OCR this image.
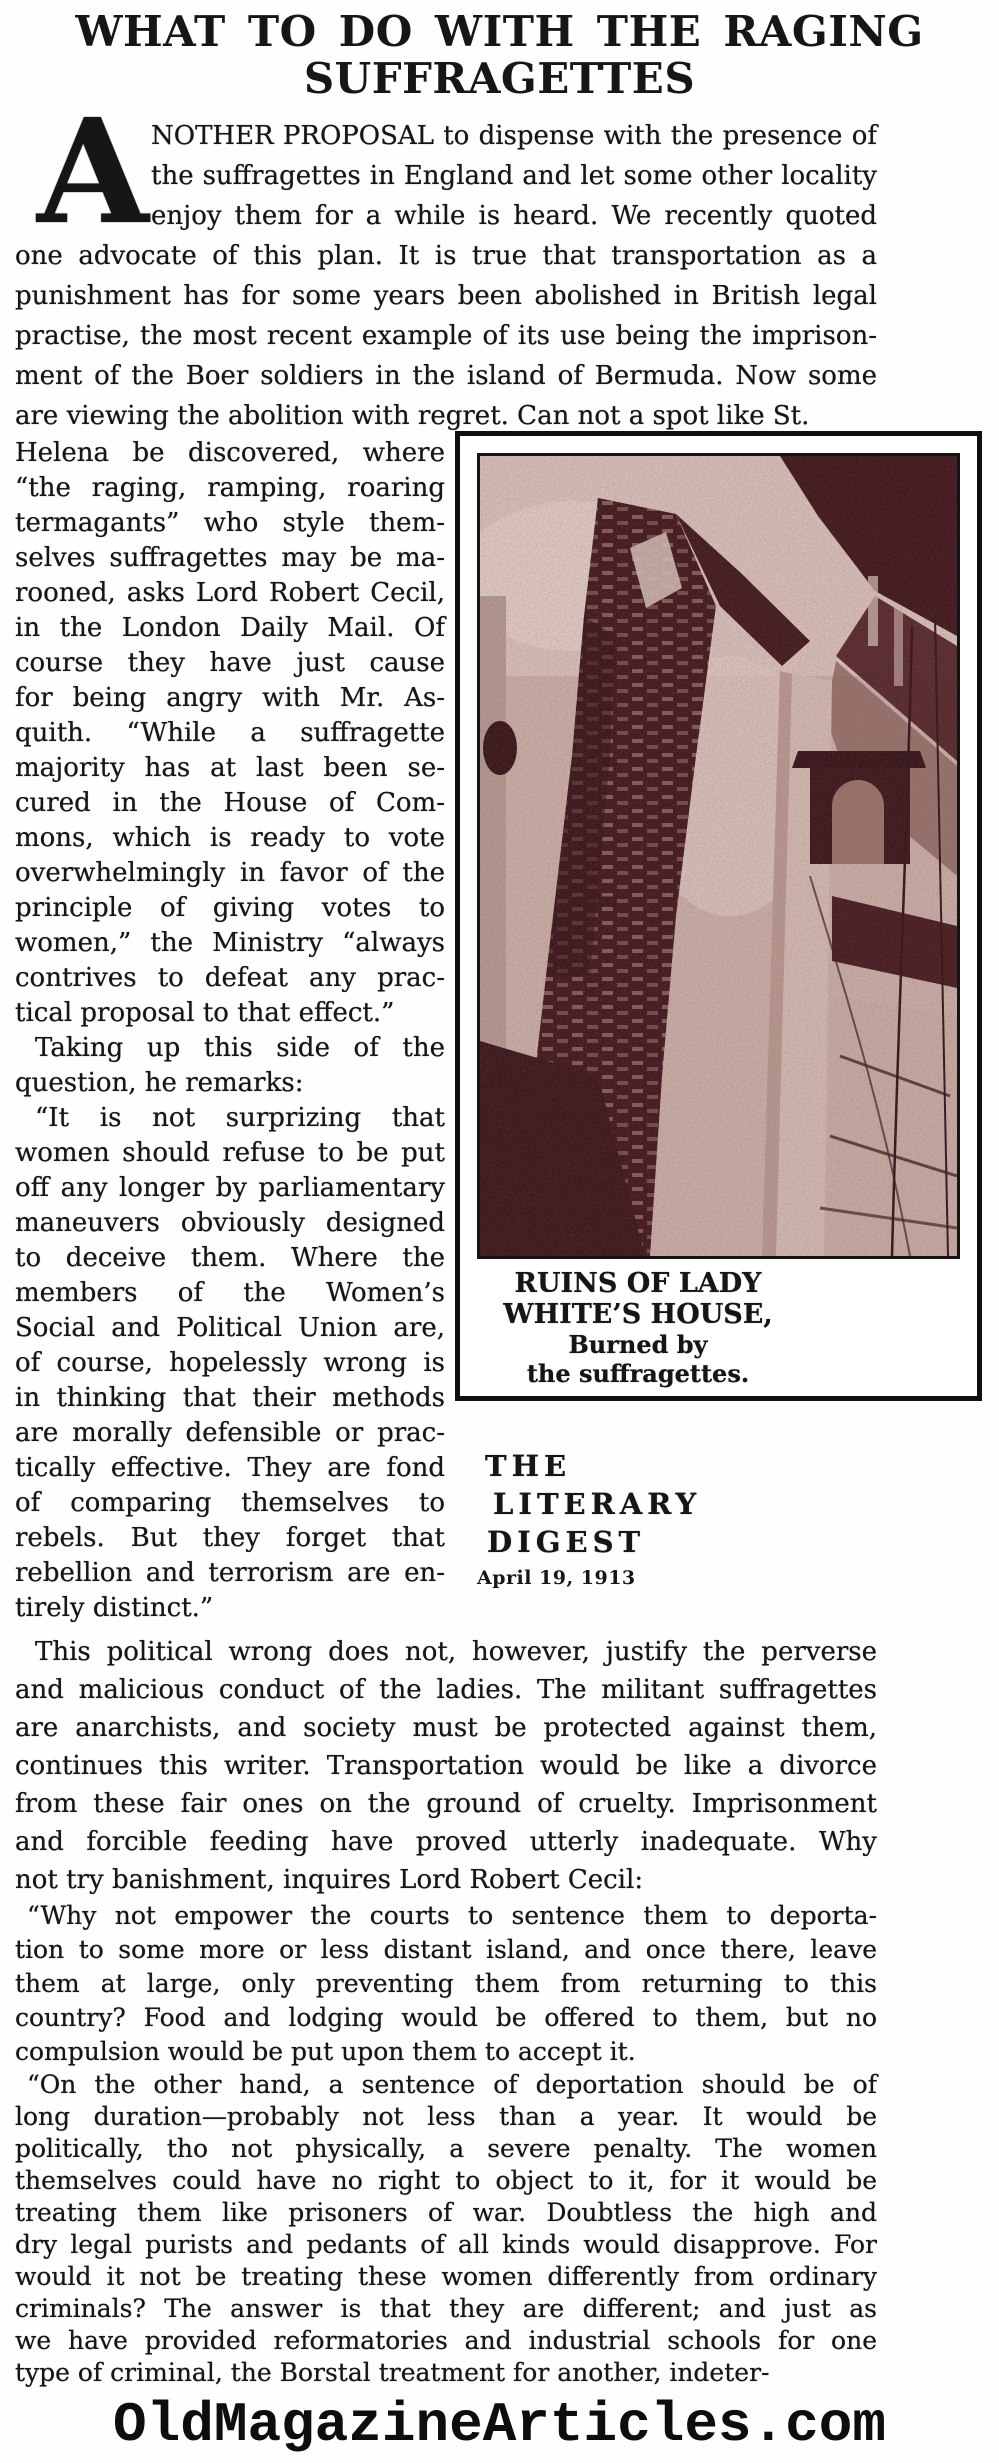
WHAT TO DO WITH THE RAGING
SUFFRAGETTES
A NOTHER PROPOSAL to dispense with the presence of
the suffragettes in England and let some other locality
enjoy them for a while is heard. We recently quoted
one advocate of this plan. It is true that transportation as a
punishment has for some years been abolished in British legal
practise, the most recent example of its use being the imprison-
ment of the Boer soldiers in the island of Bermuda. Now some
are viewing the abolition with regret. Can not a spot like St.
Helena be discovered, where
“the raging, ramping, roaring
termagants” who style them-
selves suffragettes may be ma-
rooned, asks Lord Robert Cecil,
in the London Daily Mail. Of
course they have just cause
for being angry with Mr. As-
quith. “While a suffragette
majority has at last been se-
cured in the House of Com-
mons, which is ready to vote
overwhelmingly in favor of the
principle of giving votes to
women,” the Ministry “always
contrives to defeat any prac-
tical proposal to that effect.”
Taking up this side of the
question, he remarks:
“It is not surprizing that
women should refuse to be put
off any longer by parliamentary
maneuvers obviously designed
to deceive them. Where the
members of the Women’s
Social and Political Union are,
of course, hopelessly wrong is
in thinking that their methods
are morally defensible or prac-
tically effective. They are fond
of comparing themselves to
rebels. But they forget that
rebellion and terrorism are en-
tirely distinct.”
RUINS OF LADY
WHITE’S HOUSE,
Burned by
the suffragettes.
THE
LITERARY
DIGEST
April 19, 1913
This political wrong does not, however, justify the perverse
and malicious conduct of the ladies. The militant suffragettes
are anarchists, and society must be protected against them,
continues this writer. Transportation would be like a divorce
from these fair ones on the ground of cruelty. Imprisonment
and forcible feeding have proved utterly inadequate. Why
not try banishment, inquires Lord Robert Cecil:
“Why not empower the courts to sentence them to deporta-
tion to some more or less distant island, and once there, leave
them at large, only preventing them from returning to this
country? Food and lodging would be offered to them, but no
compulsion would be put upon them to accept it.
“On the other hand, a sentence of deportation should be of
long duration—probably not less than a year. It would be
politically, tho not physically, a severe penalty. The women
themselves could have no right to object to it, for it would be
treating them like prisoners of war. Doubtless the high and
dry legal purists and pedants of all kinds would disapprove. For
would it not be treating these women differently from ordinary
criminals? The answer is that they are different; and just as
we have provided reformatories and industrial schools for one
type of criminal, the Borstal treatment for another, indeter-
OldMagazineArticles.com
